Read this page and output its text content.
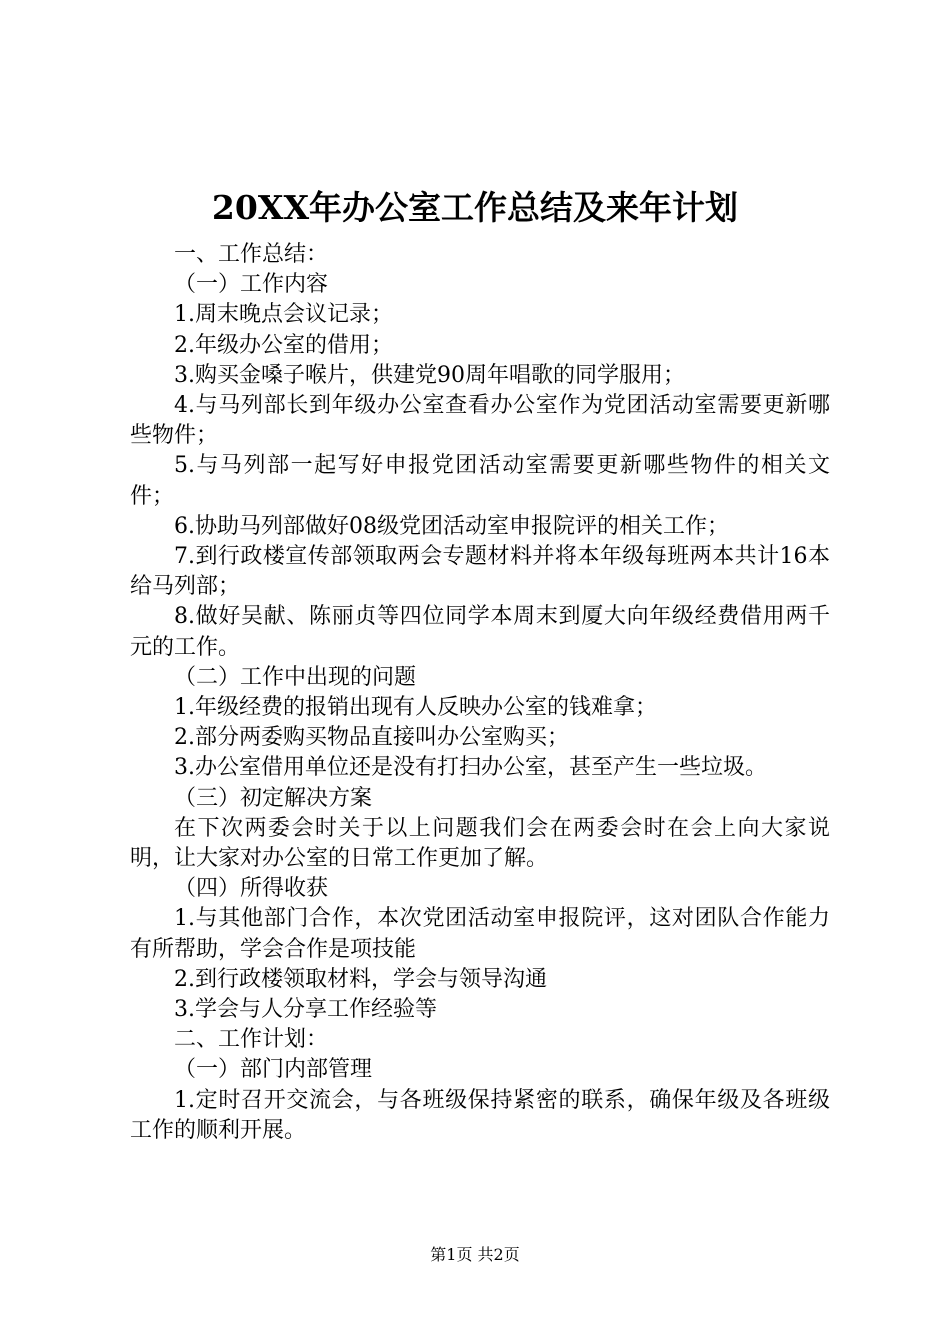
20XX年办公室工作总结及来年计划

一、工作总结：

（一）工作内容

1.周末晚点会议记录；

2.年级办公室的借用；

3.购买金嗓子喉片，供建党90周年唱歌的同学服用；

4.与马列部长到年级办公室查看办公室作为党团活动室需要更新哪些物件；

5.与马列部一起写好申报党团活动室需要更新哪些物件的相关文件；

6.协助马列部做好08级党团活动室申报院评的相关工作；

7.到行政楼宣传部领取两会专题材料并将本年级每班两本共计16本给马列部；

8.做好吴献、陈丽贞等四位同学本周末到厦大向年级经费借用两千元的工作。

（二）工作中出现的问题

1.年级经费的报销出现有人反映办公室的钱难拿；

2.部分两委购买物品直接叫办公室购买；

3.办公室借用单位还是没有打扫办公室，甚至产生一些垃圾。

（三）初定解决方案

在下次两委会时关于以上问题我们会在两委会时在会上向大家说明，让大家对办公室的日常工作更加了解。

（四）所得收获

1.与其他部门合作，本次党团活动室申报院评，这对团队合作能力有所帮助，学会合作是项技能

2.到行政楼领取材料，学会与领导沟通

3.学会与人分享工作经验等

二、工作计划：

（一）部门内部管理

1.定时召开交流会，与各班级保持紧密的联系，确保年级及各班级工作的顺利开展。

第1页 共2页
